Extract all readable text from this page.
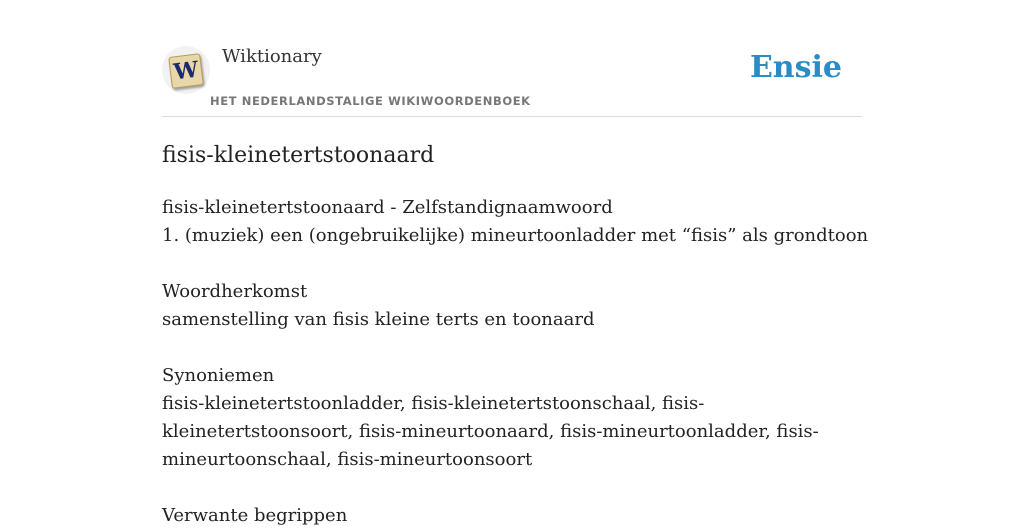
W
Wiktionary
HET NEDERLANDSTALIGE WIKIWOORDENBOEK
Ensie
fisis-kleinetertstoonaard
fisis-kleinetertstoonaard - Zelfstandignaamwoord
1. (muziek) een (ongebruikelijke) mineurtoonladder met “fisis” als grondtoon
Woordherkomst
samenstelling van fisis kleine terts en toonaard
Synoniemen
fisis-kleinetertstoonladder, fisis-kleinetertstoonschaal, fisis-
kleinetertstoonsoort, fisis-mineurtoonaard, fisis-mineurtoonladder, fisis-
mineurtoonschaal, fisis-mineurtoonsoort
Verwante begrippen
